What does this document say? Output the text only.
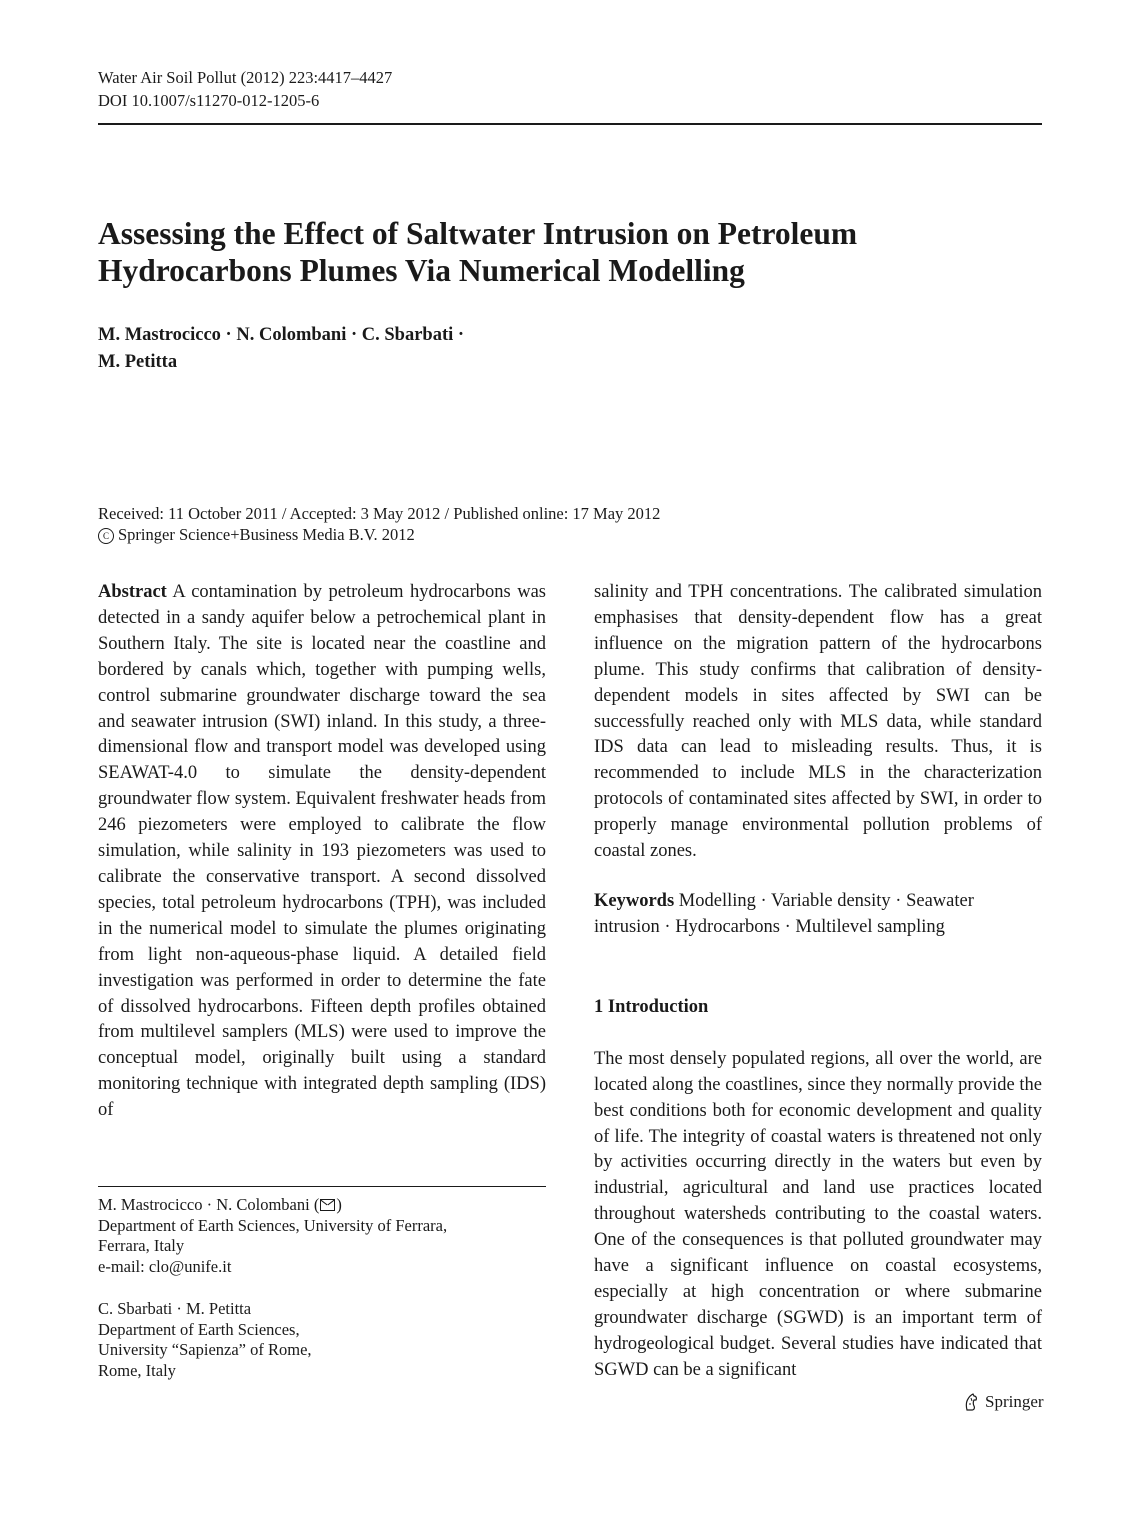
Water Air Soil Pollut (2012) 223:4417–4427
DOI 10.1007/s11270-012-1205-6
Assessing the Effect of Saltwater Intrusion on Petroleum
Hydrocarbons Plumes Via Numerical Modelling
M. Mastrocicco · N. Colombani · C. Sbarbati ·
M. Petitta
Received: 11 October 2011 / Accepted: 3 May 2012 / Published online: 17 May 2012
C Springer Science+Business Media B.V. 2012

Abstract A contamination by petroleum hydrocarbons was detected in a sandy aquifer below a petrochemical plant in Southern Italy. The site is located near the coastline and bordered by canals which, together with pumping wells, control submarine groundwater discharge toward the sea and seawater intrusion (SWI) inland. In this study, a three-dimensional flow and transport model was developed using SEAWAT-4.0 to simulate the density-dependent groundwater flow system. Equivalent freshwater heads from 246 piezometers were employed to calibrate the flow simulation, while salinity in 193 piezometers was used to calibrate the conservative transport. A second dissolved species, total petroleum hydrocarbons (TPH), was included in the numerical model to simulate the plumes originating from light non-aqueous-phase liquid. A detailed field investigation was performed in order to determine the fate of dissolved hydrocarbons. Fifteen depth profiles obtained from multilevel samplers (MLS) were used to improve the conceptual model, originally built using a standard monitoring technique with integrated depth sampling (IDS) of

salinity and TPH concentrations. The calibrated simulation emphasises that density-dependent flow has a great influence on the migration pattern of the hydrocarbons plume. This study confirms that calibration of density-dependent models in sites affected by SWI can be successfully reached only with MLS data, while standard IDS data can lead to misleading results. Thus, it is recommended to include MLS in the characterization protocols of contaminated sites affected by SWI, in order to properly manage environmental pollution problems of coastal zones.

Keywords Modelling · Variable density · Seawater intrusion · Hydrocarbons · Multilevel sampling

1 Introduction

The most densely populated regions, all over the world, are located along the coastlines, since they normally provide the best conditions both for economic development and quality of life. The integrity of coastal waters is threatened not only by activities occurring directly in the waters but even by industrial, agricultural and land use practices located throughout watersheds contributing to the coastal waters. One of the consequences is that polluted groundwater may have a significant influence on coastal ecosystems, especially at high concentration or where submarine groundwater discharge (SGWD) is an important term of hydrogeological budget. Several studies have indicated that SGWD can be a significant

M. Mastrocicco · N. Colombani ( )

Department of Earth Sciences, University of Ferrara,

Ferrara, Italy

e-mail: clo@unife.it

C. Sbarbati · M. Petitta

Department of Earth Sciences,

University “Sapienza” of Rome,

Rome, Italy

Springer
